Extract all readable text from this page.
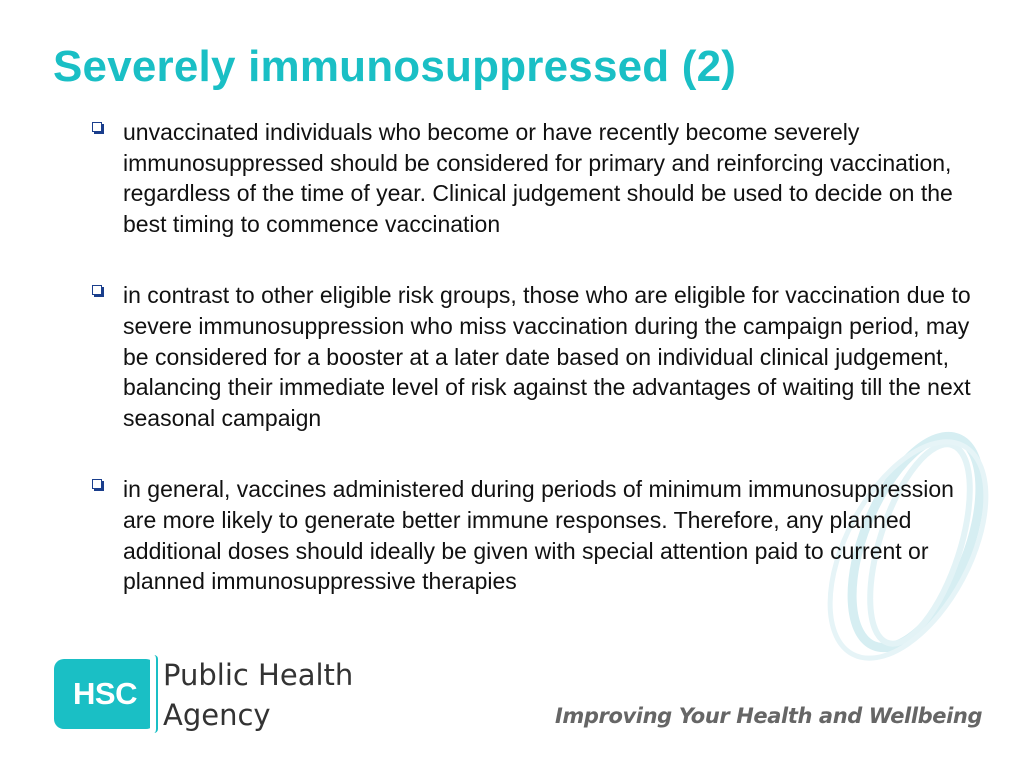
Severely immunosuppressed (2)
unvaccinated individuals who become or have recently become severely immunosuppressed should be considered for primary and reinforcing vaccination, regardless of the time of year. Clinical judgement should be used to decide on the best timing to commence vaccination
in contrast to other eligible risk groups, those who are eligible for vaccination due to severe immunosuppression who miss vaccination during the campaign period, may be considered for a booster at a later date based on individual clinical judgement, balancing their immediate level of risk against the advantages of waiting till the next seasonal campaign
in general, vaccines administered during periods of minimum immunosuppression are more likely to generate better immune responses. Therefore, any planned additional doses should ideally be given with special attention paid to current or planned immunosuppressive therapies
HSC
Public Health
Agency	Improving Your Health and Wellbeing
